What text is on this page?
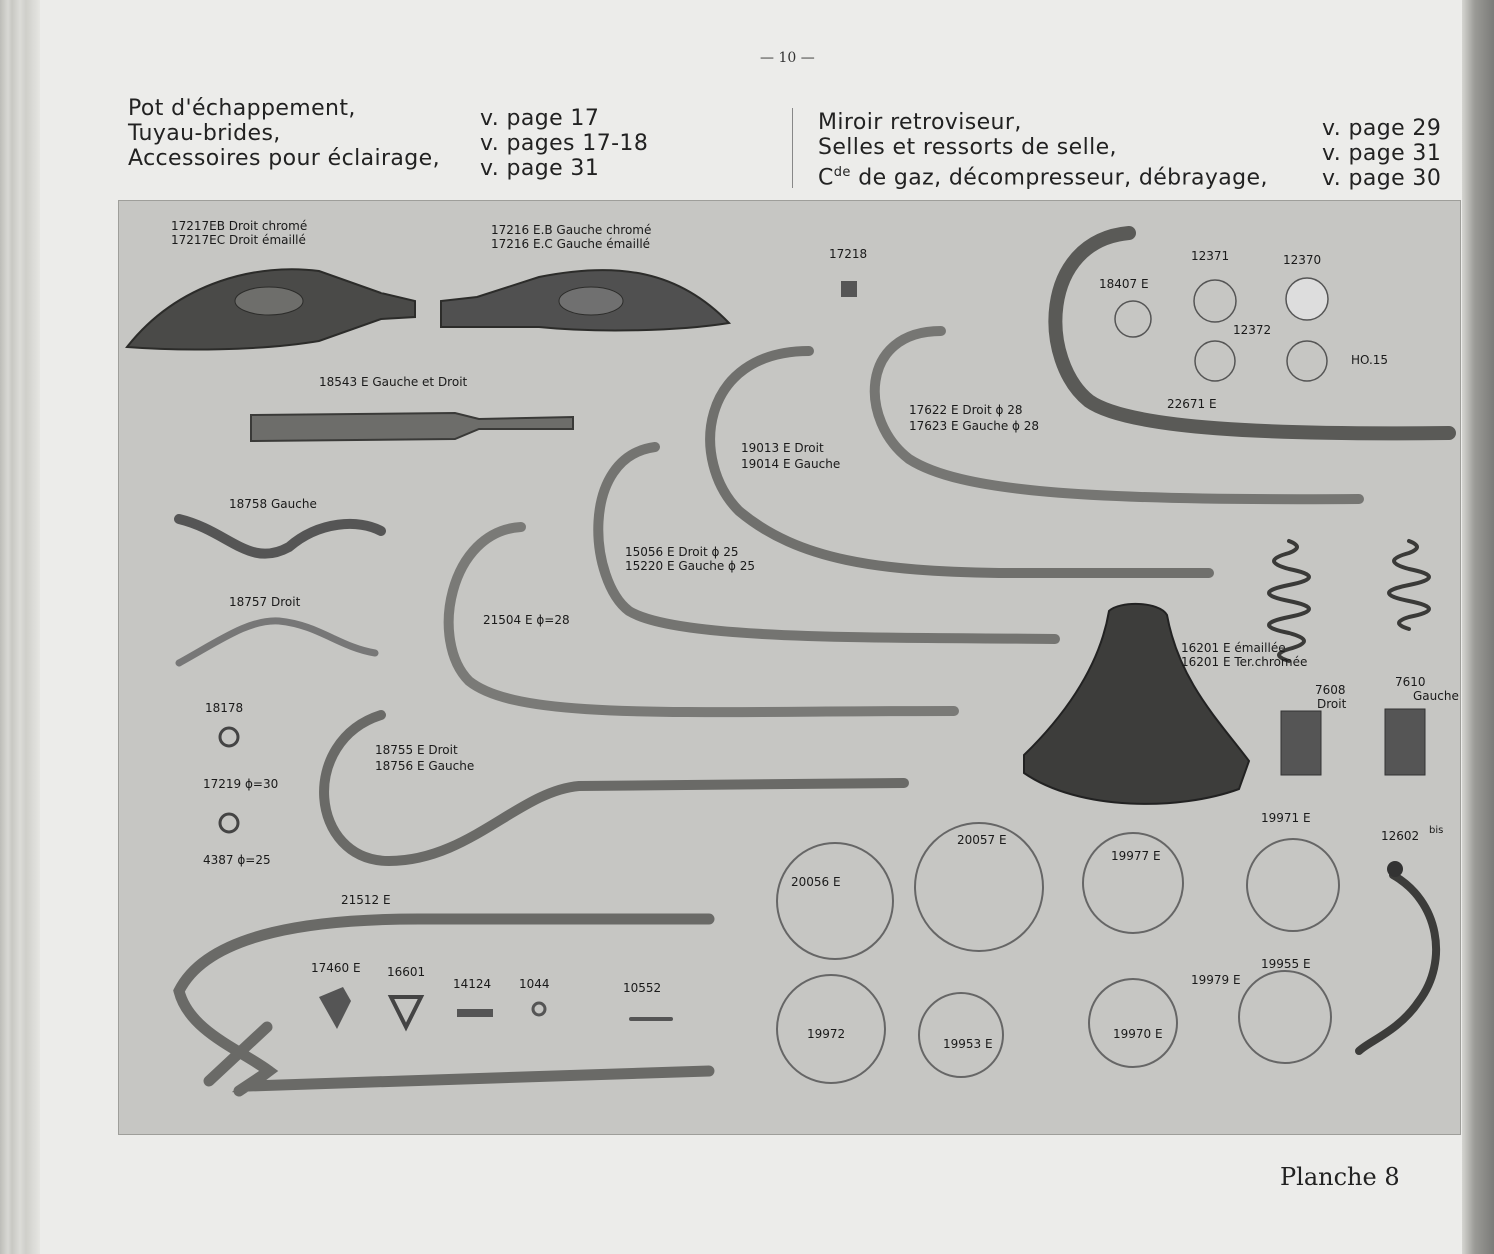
— 10 —
Pot d'échappement,
Tuyau-brides,
Accessoires pour éclairage,
v. page 17
v. pages 17-18
v. page 31
Miroir retroviseur,
Selles et ressorts de selle,
Cde de gaz, décompresseur, débrayage,
v. page 29
v. page 31
v. page 30
17217EB Droit chromé
17217EC Droit émaillé
17216 E.B Gauche chromé
17216 E.C Gauche émaillé
17218
18543 E Gauche et Droit
18758 Gauche
18757 Droit
18178
17219 ϕ=30
4387 ϕ=25
18755 E Droit
18756 E Gauche
21504 E ϕ=28
15056 E Droit ϕ 25
15220 E Gauche ϕ 25
19013 E Droit
19014 E Gauche
17622 E Droit ϕ 28
17623 E Gauche ϕ 28
18407 E
12371	12370
12372
HO.15
22671 E
16201 E émaillée
16201 E Ter.chromée
7608
Droit
7610
Gauche
21512 E
17460 E 16601
14124 1044	10552
20056 E
20057 E
19977 E
19971 E
12602 bis
19972
19953 E
19970 E
19979 E
19955 E
Planche 8
